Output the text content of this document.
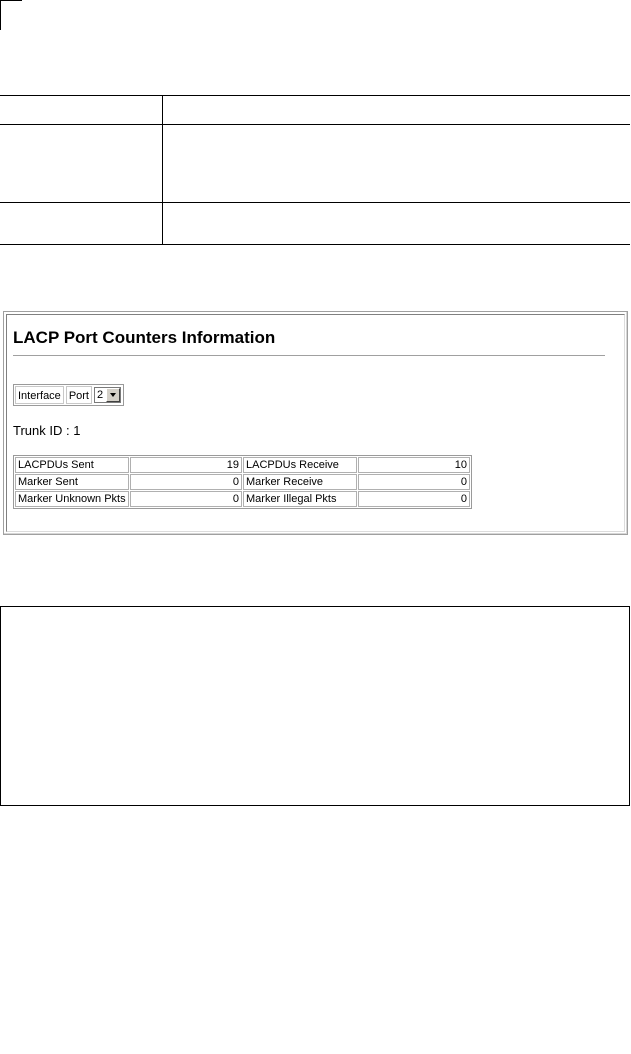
LACP Port Counters Information
Interface Port 2
Trunk ID : 1
LACPDUs Sent	19	LACPDUs Receive	10
Marker Sent	0	Marker Receive	0
Marker Unknown Pkts	0	Marker Illegal Pkts	0
